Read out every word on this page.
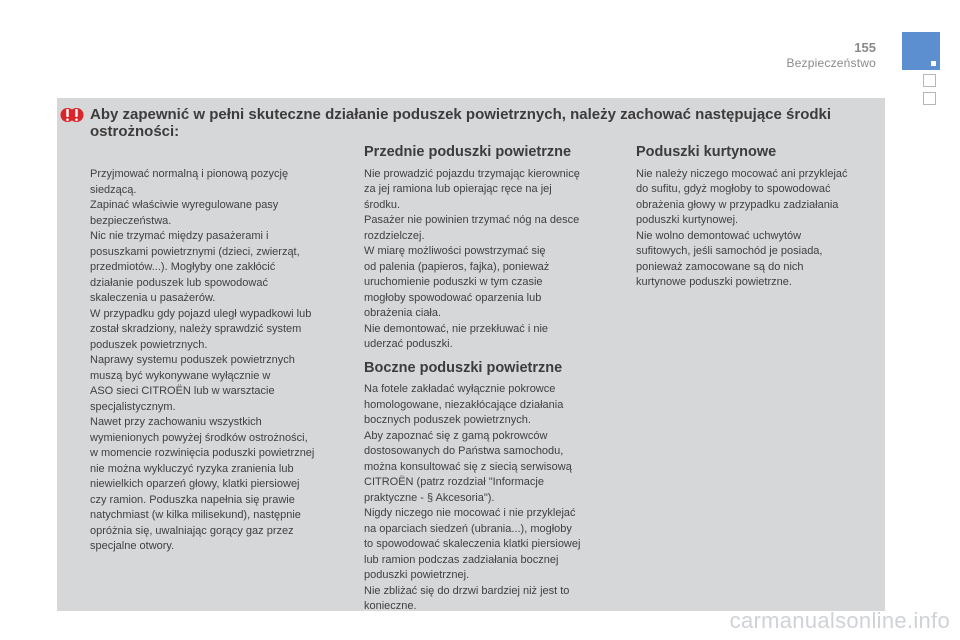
155
Bezpieczeństwo
Aby zapewnić w pełni skuteczne działanie poduszek powietrznych, należy zachować następujące środki ostrożności:

Przyjmować normalną i pionową pozycję
siedzącą.
Zapinać właściwie wyregulowane pasy
bezpieczeństwa.
Nic nie trzymać między pasażerami i
posuszkami powietrznymi (dzieci, zwierząt,
przedmiotów...). Mogłyby one zakłócić
działanie poduszek lub spowodować
skaleczenia u pasażerów.
W przypadku gdy pojazd uległ wypadkowi lub
został skradziony, należy sprawdzić system
poduszek powietrznych.
Naprawy systemu poduszek powietrznych
muszą być wykonywane wyłącznie w
ASO sieci CITROËN lub w warsztacie
specjalistycznym.
Nawet przy zachowaniu wszystkich
wymienionych powyżej środków ostrożności,
w momencie rozwinięcia poduszki powietrznej
nie można wykluczyć ryzyka zranienia lub
niewielkich oparzeń głowy, klatki piersiowej
czy ramion. Poduszka napełnia się prawie
natychmiast (w kilka milisekund), następnie
opróżnia się, uwalniając gorący gaz przez
specjalne otwory.

Przednie poduszki powietrzne

Nie prowadzić pojazdu trzymając kierownicę
za jej ramiona lub opierając ręce na jej
środku.
Pasażer nie powinien trzymać nóg na desce
rozdzielczej.
W miarę możliwości powstrzymać się
od palenia (papieros, fajka), ponieważ
uruchomienie poduszki w tym czasie
mogłoby spowodować oparzenia lub
obrażenia ciała.
Nie demontować, nie przekłuwać i nie
uderzać poduszki.

Boczne poduszki powietrzne

Na fotele zakładać wyłącznie pokrowce
homologowane, niezakłócające działania
bocznych poduszek powietrznych.
Aby zapoznać się z gamą pokrowców
dostosowanych do Państwa samochodu,
można konsultować się z siecią serwisową
CITROËN (patrz rozdział "Informacje
praktyczne - § Akcesoria").
Nigdy niczego nie mocować i nie przyklejać
na oparciach siedzeń (ubrania...), mogłoby
to spowodować skaleczenia klatki piersiowej
lub ramion podczas zadziałania bocznej
poduszki powietrznej.
Nie zbliżać się do drzwi bardziej niż jest to
konieczne.

Poduszki kurtynowe

Nie należy niczego mocować ani przyklejać
do sufitu, gdyż mogłoby to spowodować
obrażenia głowy w przypadku zadziałania
poduszki kurtynowej.
Nie wolno demontować uchwytów
sufitowych, jeśli samochód je posiada,
ponieważ zamocowane są do nich
kurtynowe poduszki powietrzne.

carmanualsonline.info
